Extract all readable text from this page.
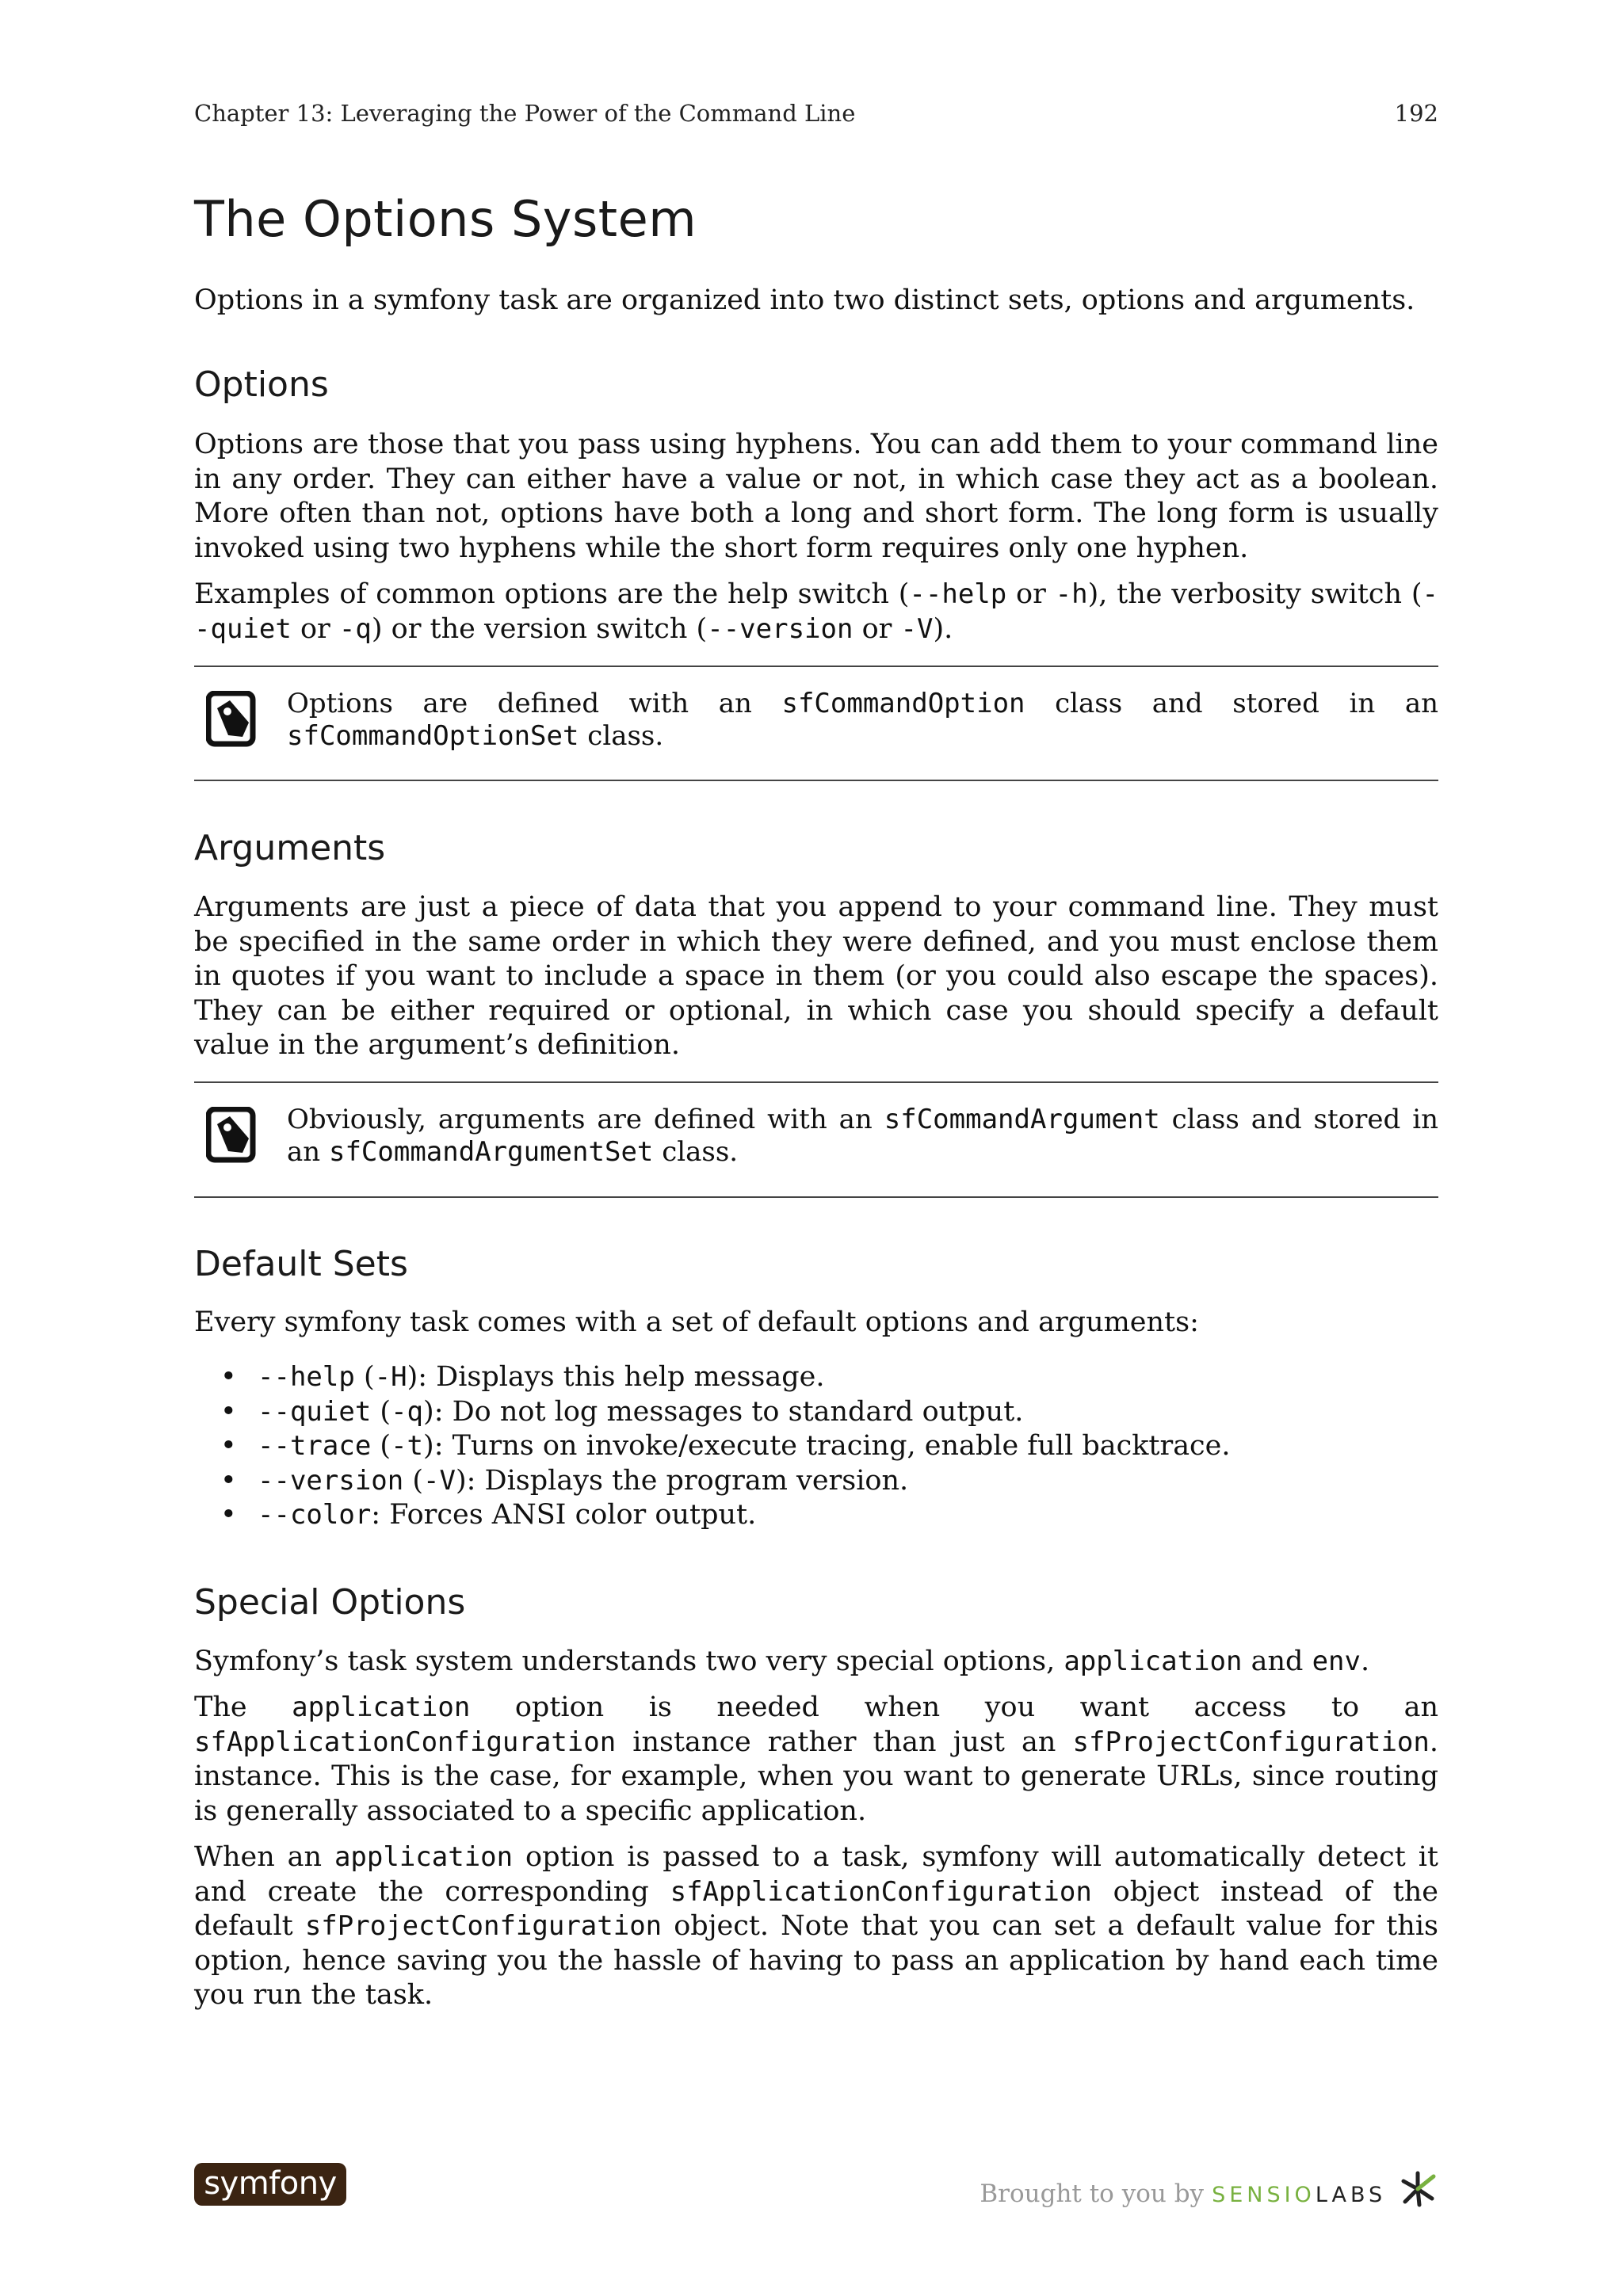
Chapter 13: Leveraging the Power of the Command Line	192
The Options System

Options in a symfony task are organized into two distinct sets, options and arguments.

Options

Options are those that you pass using hyphens. You can add them to your command line in any order. They can either have a value or not, in which case they act as a boolean. More often than not, options have both a long and short form. The long form is usually invoked using two hyphens while the short form requires only one hyphen.

Examples of common options are the help switch (--help or -h), the verbosity switch (--quiet or -q) or the version switch (--version or -V).

Options are defined with an sfCommandOption class and stored in an sfCommandOptionSet class.
Arguments

Arguments are just a piece of data that you append to your command line. They must be specified in the same order in which they were defined, and you must enclose them in quotes if you want to include a space in them (or you could also escape the spaces). They can be either required or optional, in which case you should specify a default value in the argument’s definition.

Obviously, arguments are defined with an sfCommandArgument class and stored in an sfCommandArgumentSet class.
Default Sets

Every symfony task comes with a set of default options and arguments:

• --help (-H): Displays this help message.
• --quiet (-q): Do not log messages to standard output.
• --trace (-t): Turns on invoke/execute tracing, enable full backtrace.
• --version (-V): Displays the program version.
• --color: Forces ANSI color output.
Special Options

Symfony’s task system understands two very special options, application and env.

The application option is needed when you want access to an sfApplicationConfiguration instance rather than just an sfProjectConfiguration. instance. This is the case, for example, when you want to generate URLs, since routing is generally associated to a specific application.

When an application option is passed to a task, symfony will automatically detect it and create the corresponding sfApplicationConfiguration object instead of the default sfProjectConfiguration object. Note that you can set a default value for this option, hence saving you the hassle of having to pass an application by hand each time you run the task.

symfony	Brought to you by SENSIOLABS
